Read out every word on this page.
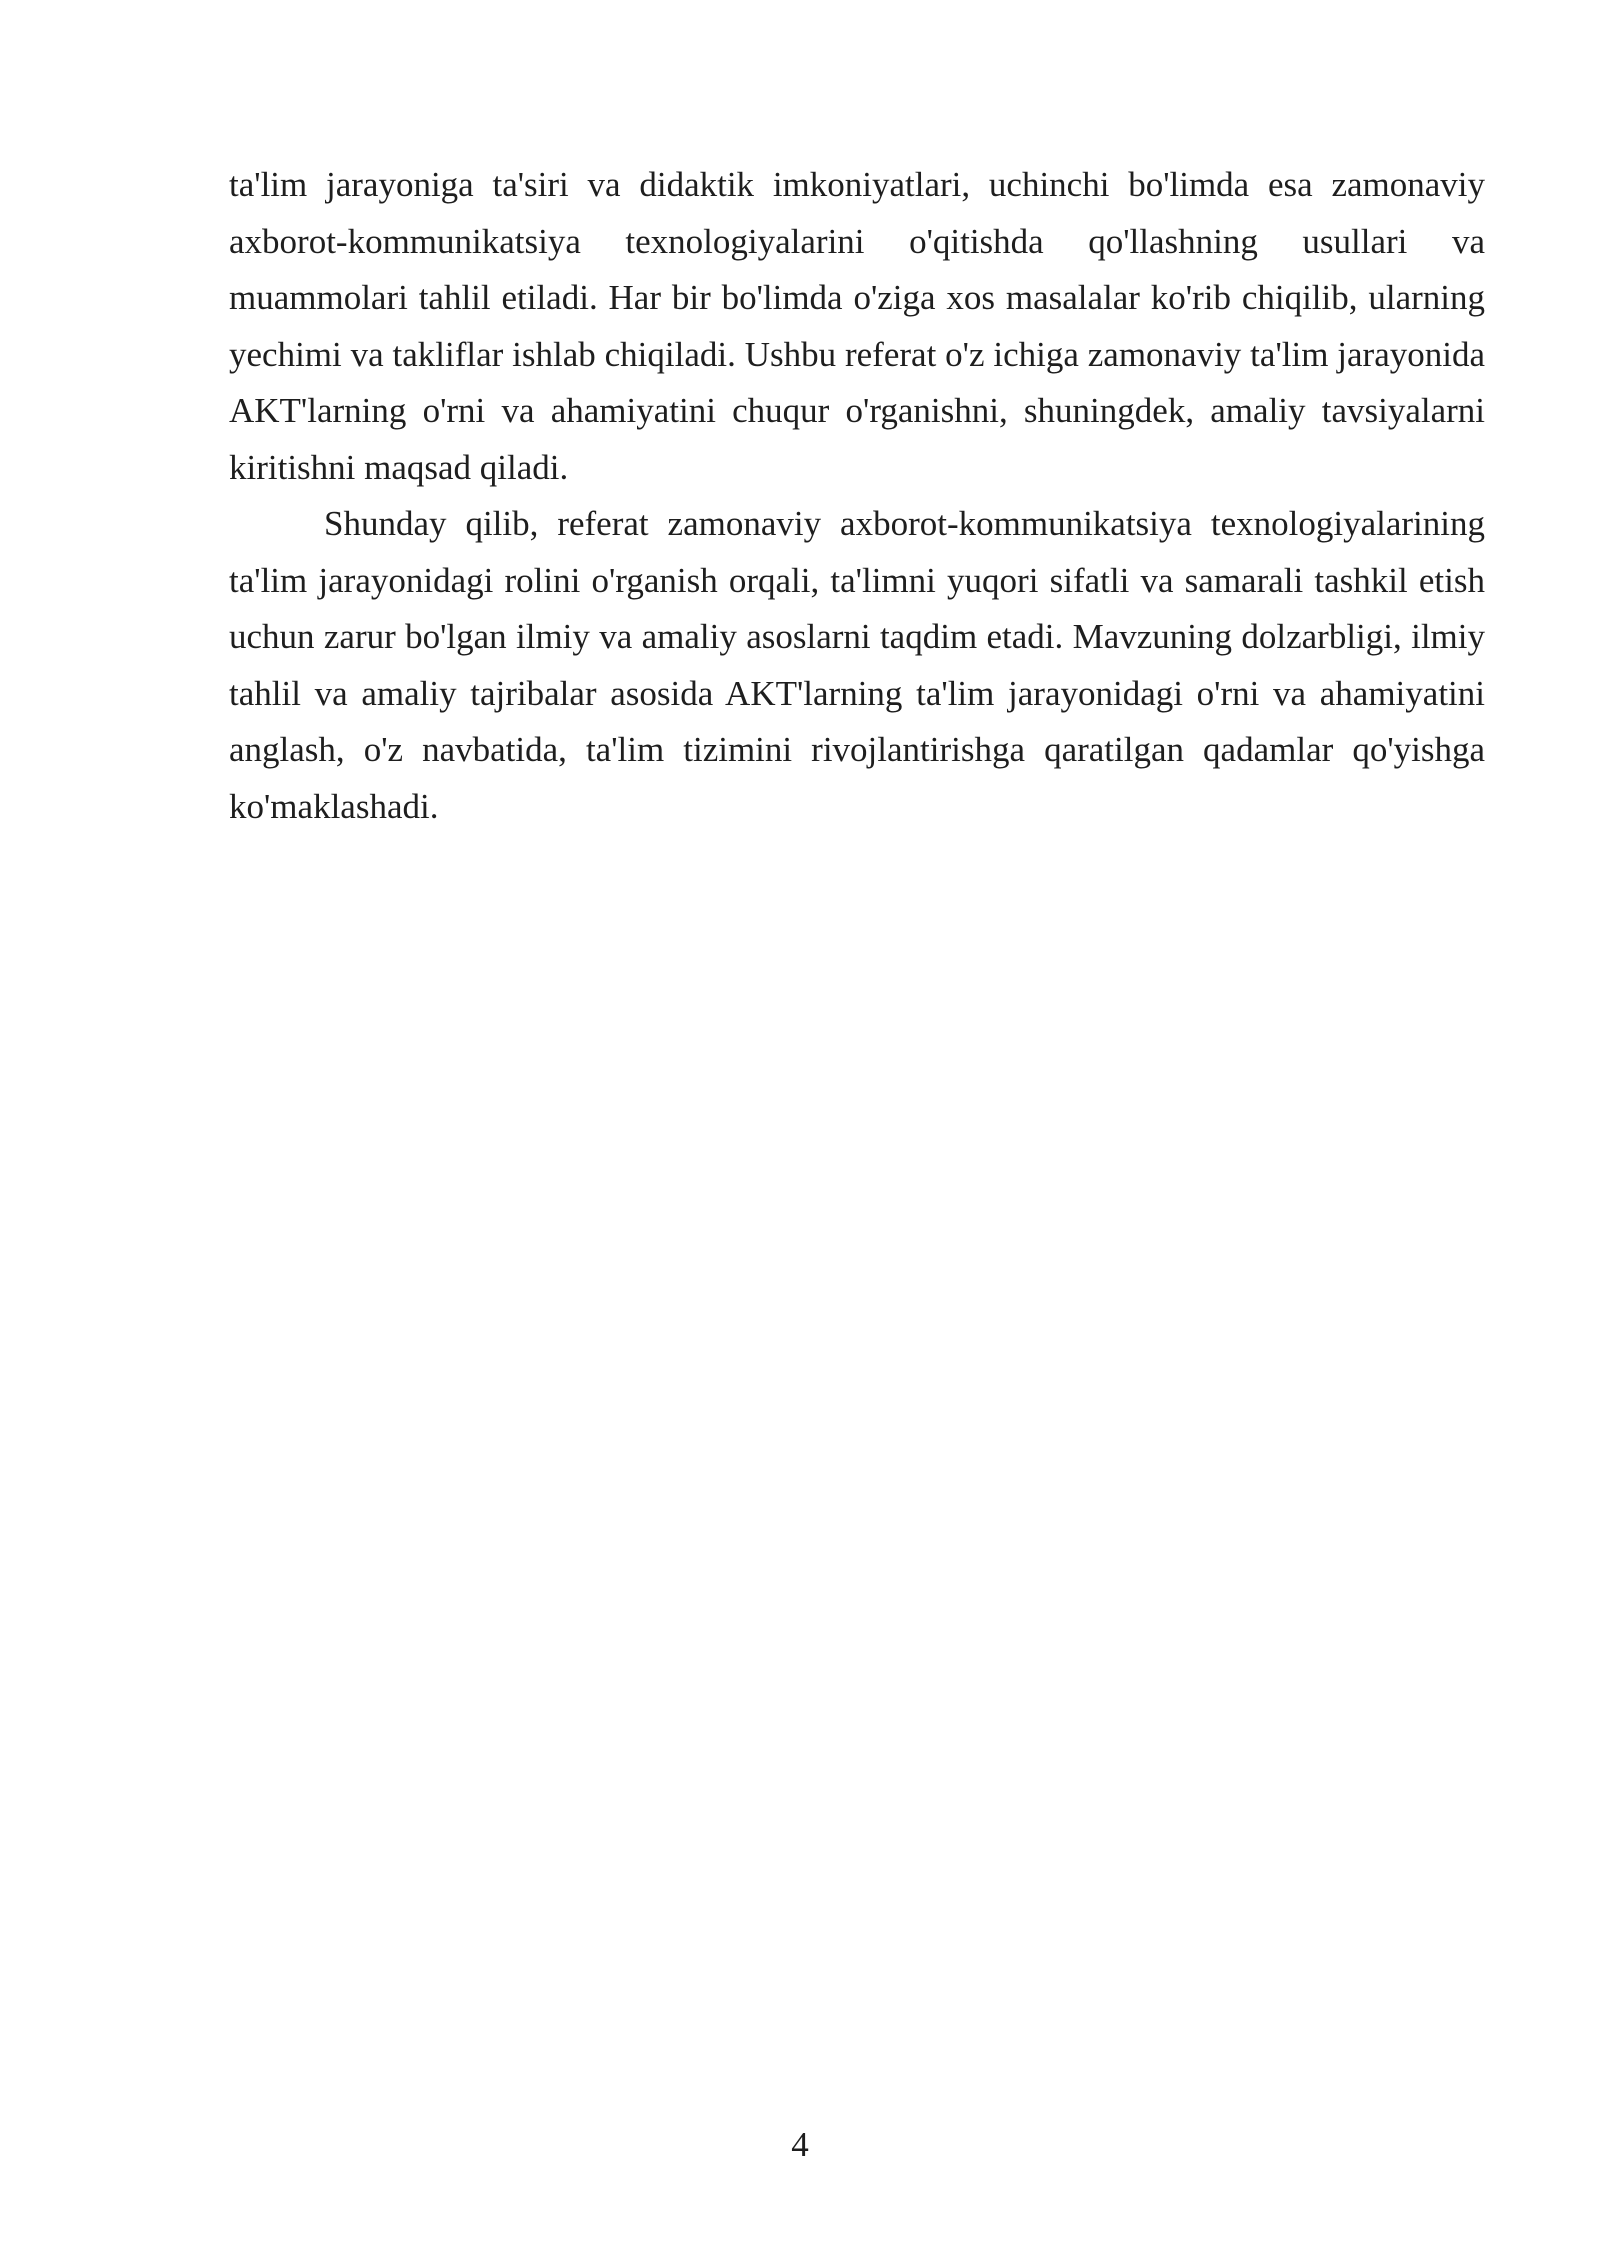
ta'lim jarayoniga ta'siri va didaktik imkoniyatlari, uchinchi bo'limda esa zamonaviy axborot-kommunikatsiya texnologiyalarini o'qitishda qo'llashning usullari va muammolari tahlil etiladi. Har bir bo'limda o'ziga xos masalalar ko'rib chiqilib, ularning yechimi va takliflar ishlab chiqiladi. Ushbu referat o'z ichiga zamonaviy ta'lim jarayonida AKT'larning o'rni va ahamiyatini chuqur o'rganishni, shuningdek, amaliy tavsiyalarni kiritishni maqsad qiladi.

Shunday qilib, referat zamonaviy axborot-kommunikatsiya texnologiyalarining ta'lim jarayonidagi rolini o'rganish orqali, ta'limni yuqori sifatli va samarali tashkil etish uchun zarur bo'lgan ilmiy va amaliy asoslarni taqdim etadi. Mavzuning dolzarbligi, ilmiy tahlil va amaliy tajribalar asosida AKT'larning ta'lim jarayonidagi o'rni va ahamiyatini anglash, o'z navbatida, ta'lim tizimini rivojlantirishga qaratilgan qadamlar qo'yishga ko'maklashadi.

4
